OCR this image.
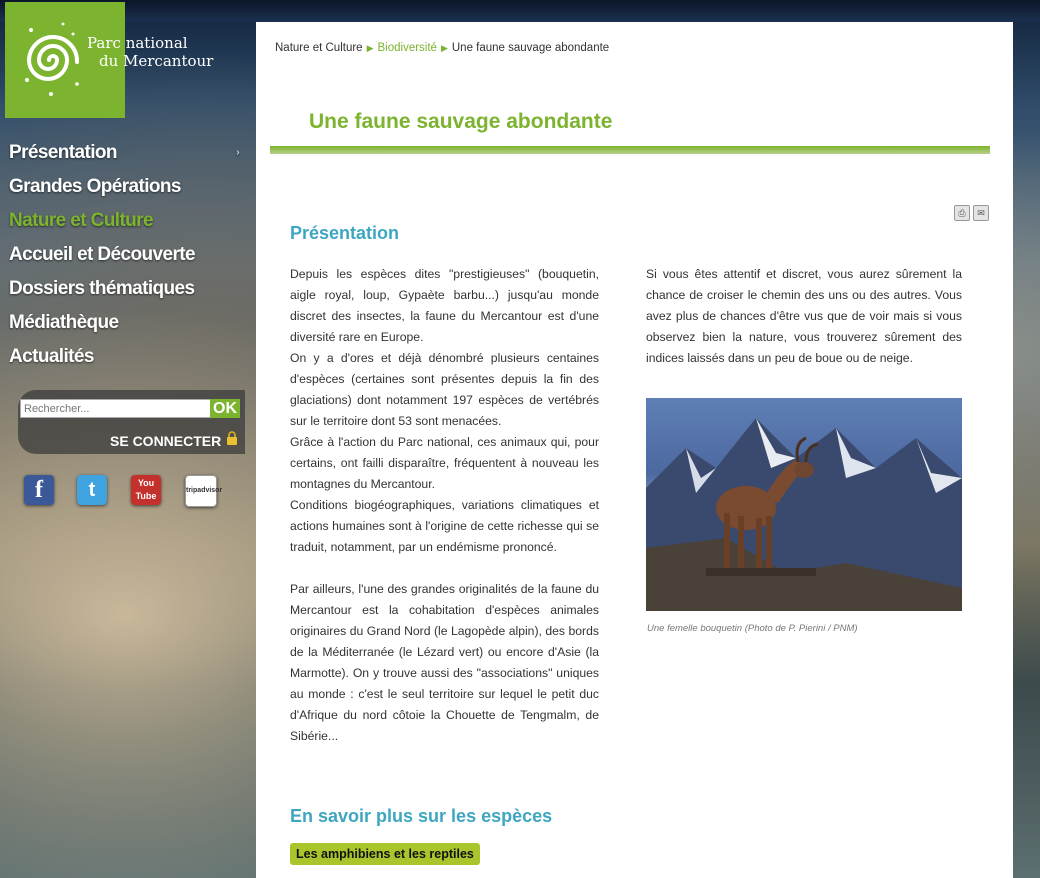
Parc national
du Mercantour
Présentation	›
Grandes Opérations
Nature et Culture
Accueil et Découverte
Dossiers thématiques
Médiathèque
Actualités
Rechercher...
OK
SE CONNECTER
f	t	You Tube
tripadvisor
Nature et Culture ▶ Biodiversité ▶ Une faune sauvage abondante
Une faune sauvage abondante
⎙ ✉
Présentation

Depuis les espèces dites "prestigieuses" (bouquetin, aigle royal, loup, Gypaète barbu...) jusqu'au monde discret des insectes, la faune du Mercantour est d'une diversité rare en Europe.

On y a d'ores et déjà dénombré plusieurs centaines d'espèces (certaines sont présentes depuis la fin des glaciations) dont notamment 197 espèces de vertébrés sur le territoire dont 53 sont menacées.

Grâce à l'action du Parc national, ces animaux qui, pour certains, ont failli disparaître, fréquentent à nouveau les montagnes du Mercantour.

Conditions biogéographiques, variations climatiques et actions humaines sont à l'origine de cette richesse qui se traduit, notamment, par un endémisme prononcé.

Par ailleurs, l'une des grandes originalités de la faune du Mercantour est la cohabitation d'espèces animales originaires du Grand Nord (le Lagopède alpin), des bords de la Méditerranée (le Lézard vert) ou encore d'Asie (la Marmotte). On y trouve aussi des "associations" uniques au monde : c'est le seul territoire sur lequel le petit duc d'Afrique du nord côtoie la Chouette de Tengmalm, de Sibérie...

Si vous êtes attentif et discret, vous aurez sûrement la chance de croiser le chemin des uns ou des autres. Vous avez plus de chances d'être vus que de voir mais si vous observez bien la nature, vous trouverez sûrement des indices laissés dans un peu de boue ou de neige.

Une femelle bouquetin (Photo de P. Pierini / PNM)
En savoir plus sur les espèces
Les amphibiens et les reptiles
